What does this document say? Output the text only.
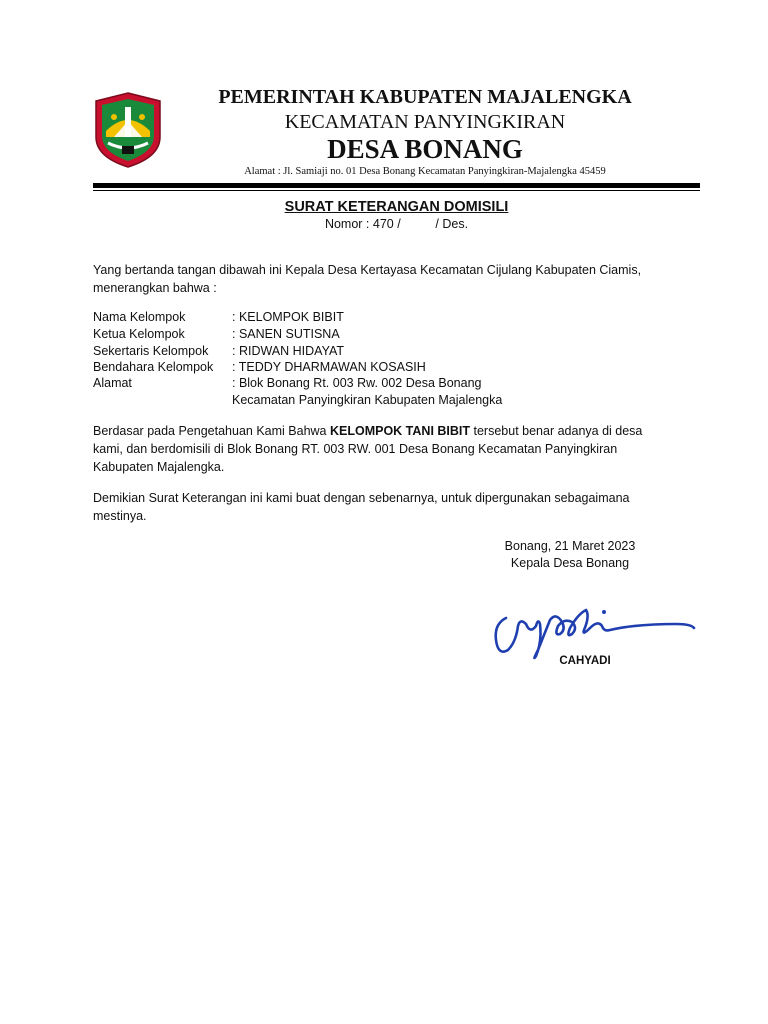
PEMERINTAH KABUPATEN MAJALENGKA
KECAMATAN PANYINGKIRAN
DESA BONANG
Alamat : Jl. Samiaji no. 01 Desa Bonang Kecamatan Panyingkiran-Majalengka 45459
SURAT KETERANGAN DOMISILI
Nomor : 470 /          / Des.
Yang bertanda tangan dibawah ini Kepala Desa Kertayasa Kecamatan Cijulang Kabupaten Ciamis, menerangkan bahwa :
Nama Kelompok	: KELOMPOK BIBIT
Ketua Kelompok	: SANEN SUTISNA
Sekertaris Kelompok	: RIDWAN HIDAYAT
Bendahara Kelompok	: TEDDY DHARMAWAN KOSASIH
Alamat	: Blok Bonang Rt. 003 Rw. 002 Desa Bonang
Kecamatan Panyingkiran Kabupaten Majalengka
Berdasar pada Pengetahuan Kami Bahwa KELOMPOK TANI BIBIT tersebut benar adanya di desa kami, dan berdomisili di Blok Bonang RT. 003 RW. 001 Desa Bonang Kecamatan Panyingkiran Kabupaten Majalengka.
Demikian Surat Keterangan ini kami buat dengan sebenarnya, untuk dipergunakan sebagaimana mestinya.
Bonang, 21 Maret 2023
Kepala Desa Bonang
CAHYADI
